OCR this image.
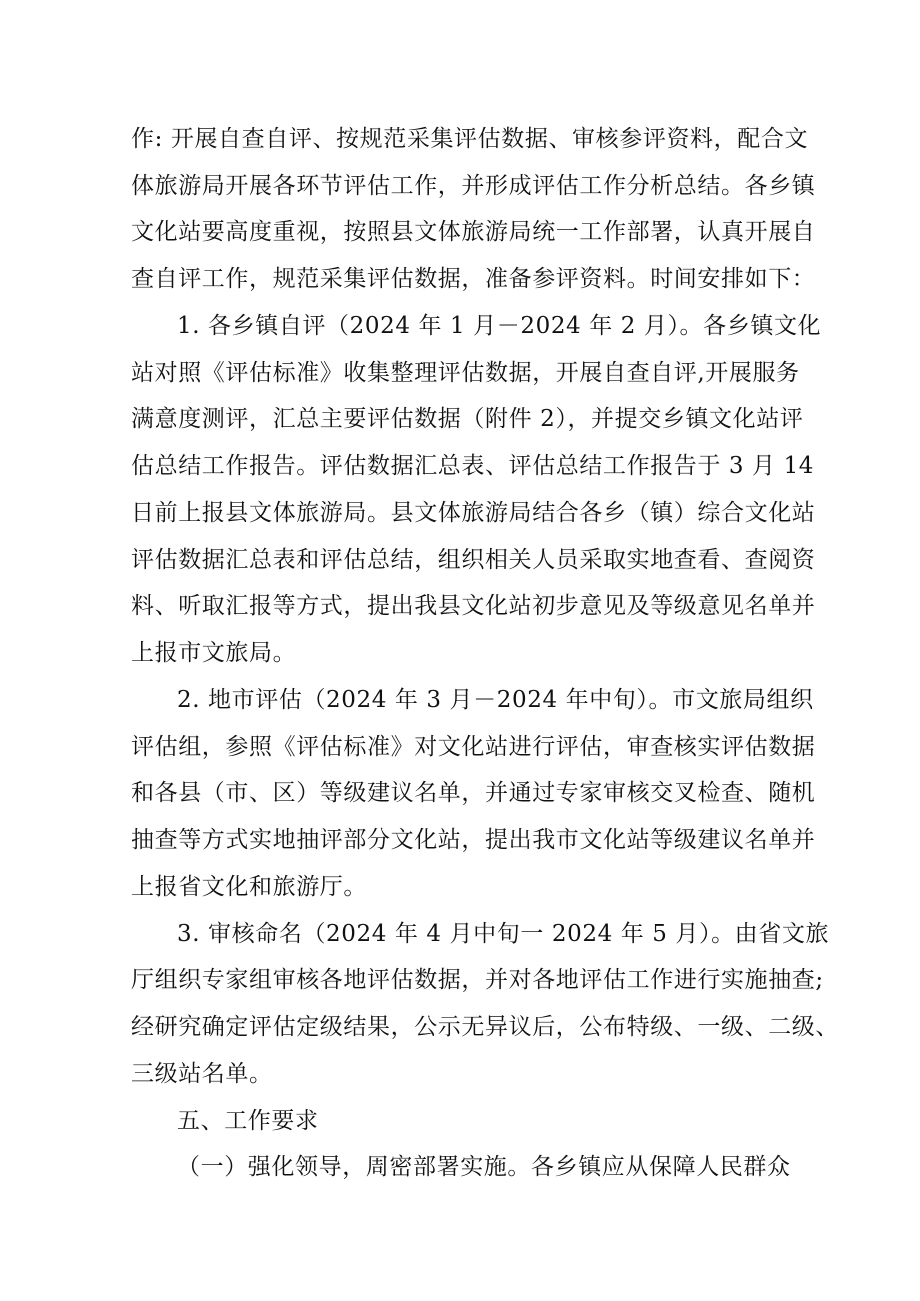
作: 开展自查自评、按规范采集评估数据、审核参评资料，配合文
体旅游局开展各环节评估工作，并形成评估工作分析总结。各乡镇
文化站要高度重视，按照县文体旅游局统一工作部署，认真开展自
查自评工作，规范采集评估数据，准备参评资料。时间安排如下：
1. 各乡镇自评（2024 年 1 月－2024 年 2 月）。各乡镇文化
站对照《评估标准》收集整理评估数据，开展自查自评,开展服务
满意度测评，汇总主要评估数据（附件 2），并提交乡镇文化站评
估总结工作报告。评估数据汇总表、评估总结工作报告于 3 月 14
日前上报县文体旅游局。县文体旅游局结合各乡（镇）综合文化站
评估数据汇总表和评估总结，组织相关人员采取实地查看、查阅资
料、听取汇报等方式，提出我县文化站初步意见及等级意见名单并
上报市文旅局。
2. 地市评估（2024 年 3 月－2024 年中旬）。市文旅局组织
评估组，参照《评估标准》对文化站进行评估，审查核实评估数据
和各县（市、区）等级建议名单，并通过专家审核交叉检查、随机
抽查等方式实地抽评部分文化站，提出我市文化站等级建议名单并
上报省文化和旅游厅。
3. 审核命名（2024 年 4 月中旬一 2024 年 5 月）。由省文旅
厅组织专家组审核各地评估数据，并对各地评估工作进行实施抽查;
经研究确定评估定级结果，公示无异议后，公布特级、一级、二级、
三级站名单。
五、工作要求
（一）强化领导，周密部署实施。各乡镇应从保障人民群众
